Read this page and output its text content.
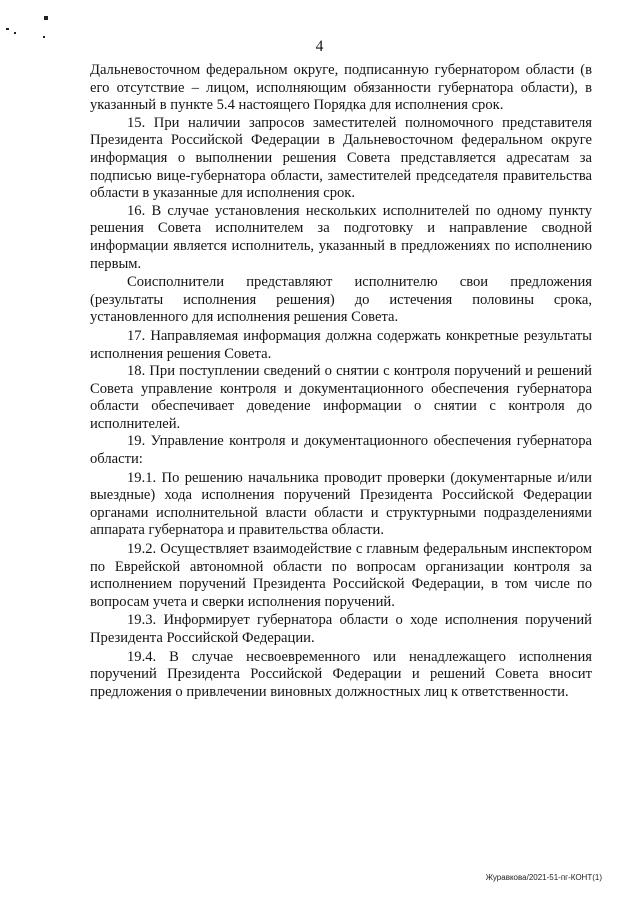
4

Дальневосточном федеральном округе, подписанную губернатором области (в его отсутствие – лицом, исполняющим обязанности губернатора области), в указанный в пункте 5.4 настоящего Порядка для исполнения срок.

15. При наличии запросов заместителей полномочного представителя Президента Российской Федерации в Дальневосточном федеральном округе информация о выполнении решения Совета представляется адресатам за подписью вице-губернатора области, заместителей председателя правительства области в указанные для исполнения срок.

16. В случае установления нескольких исполнителей по одному пункту решения Совета исполнителем за подготовку и направление сводной информации является исполнитель, указанный в предложениях по исполнению первым.

Соисполнители представляют исполнителю свои предложения (результаты исполнения решения) до истечения половины срока, установленного для исполнения решения Совета.

17. Направляемая информация должна содержать конкретные результаты исполнения решения Совета.

18. При поступлении сведений о снятии с контроля поручений и решений Совета управление контроля и документационного обеспечения губернатора области обеспечивает доведение информации о снятии с контроля до исполнителей.

19. Управление контроля и документационного обеспечения губернатора области:

19.1. По решению начальника проводит проверки (документарные и/или выездные) хода исполнения поручений Президента Российской Федерации органами исполнительной власти области и структурными подразделениями аппарата губернатора и правительства области.

19.2. Осуществляет взаимодействие с главным федеральным инспектором по Еврейской автономной области по вопросам организации контроля за исполнением поручений Президента Российской Федерации, в том числе по вопросам учета и сверки исполнения поручений.

19.3. Информирует губернатора области о ходе исполнения поручений Президента Российской Федерации.

19.4. В случае несвоевременного или ненадлежащего исполнения поручений Президента Российской Федерации и решений Совета вносит предложения о привлечении виновных должностных лиц к ответственности.

Журавкова/2021-51-пг-КОНТ(1)
